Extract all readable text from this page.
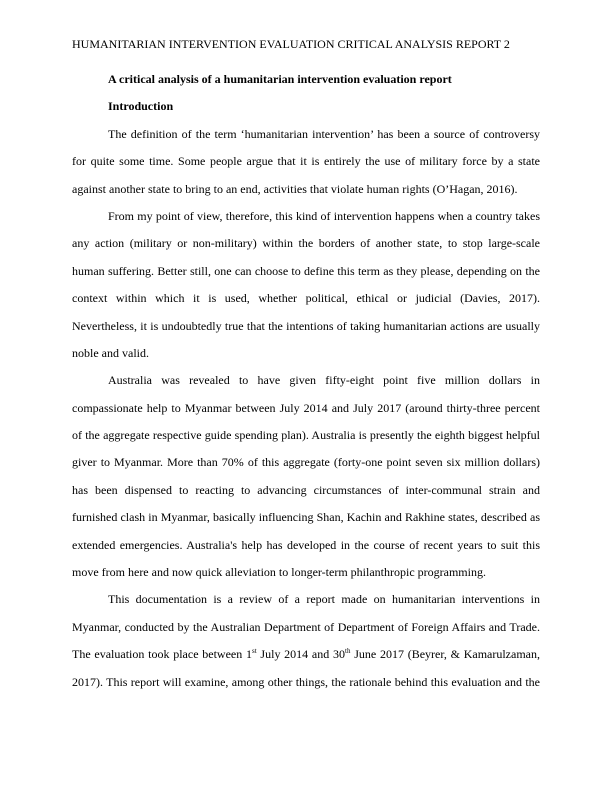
HUMANITARIAN INTERVENTION EVALUATION CRITICAL ANALYSIS REPORT 2
A critical analysis of a humanitarian intervention evaluation report
Introduction
The definition of the term ‘humanitarian intervention’ has been a source of controversy
for quite some time. Some people argue that it is entirely the use of military force by a state
against another state to bring to an end, activities that violate human rights (O’Hagan, 2016).
From my point of view, therefore, this kind of intervention happens when a country takes
any action (military or non-military) within the borders of another state, to stop large-scale
human suffering. Better still, one can choose to define this term as they please, depending on the
context within which it is used, whether political, ethical or judicial (Davies, 2017).
Nevertheless, it is undoubtedly true that the intentions of taking humanitarian actions are usually
noble and valid.
Australia was revealed to have given fifty-eight point five million dollars in
compassionate help to Myanmar between July 2014 and July 2017 (around thirty-three percent
of the aggregate respective guide spending plan). Australia is presently the eighth biggest helpful
giver to Myanmar. More than 70% of this aggregate (forty-one point seven six million dollars)
has been dispensed to reacting to advancing circumstances of inter-communal strain and
furnished clash in Myanmar, basically influencing Shan, Kachin and Rakhine states, described as
extended emergencies. Australia's help has developed in the course of recent years to suit this
move from here and now quick alleviation to longer-term philanthropic programming.
This documentation is a review of a report made on humanitarian interventions in
Myanmar, conducted by the Australian Department of Department of Foreign Affairs and Trade.
The evaluation took place between 1st July 2014 and 30th June 2017 (Beyrer, & Kamarulzaman,
2017). This report will examine, among other things, the rationale behind this evaluation and the
